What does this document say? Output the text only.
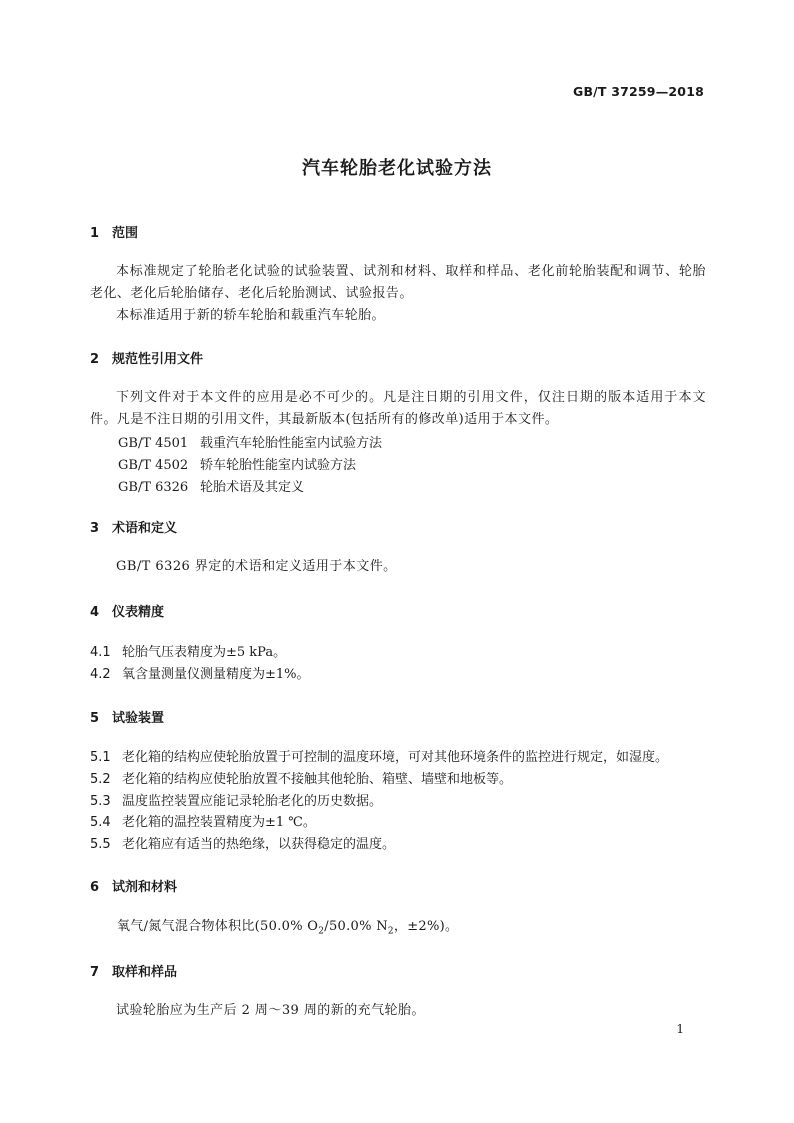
GB/T 37259—2018
汽车轮胎老化试验方法
1 范围
本标准规定了轮胎老化试验的试验装置、试剂和材料、取样和样品、老化前轮胎装配和调节、轮胎老化、老化后轮胎储存、老化后轮胎测试、试验报告。
本标准适用于新的轿车轮胎和载重汽车轮胎。
2 规范性引用文件
下列文件对于本文件的应用是必不可少的。凡是注日期的引用文件，仅注日期的版本适用于本文件。凡是不注日期的引用文件，其最新版本(包括所有的修改单)适用于本文件。
GB/T 4501 载重汽车轮胎性能室内试验方法
GB/T 4502 轿车轮胎性能室内试验方法
GB/T 6326 轮胎术语及其定义
3 术语和定义
GB/T 6326 界定的术语和定义适用于本文件。
4 仪表精度
4.1 轮胎气压表精度为±5 kPa。
4.2 氧含量测量仪测量精度为±1%。
5 试验装置
5.1 老化箱的结构应使轮胎放置于可控制的温度环境，可对其他环境条件的监控进行规定，如湿度。
5.2 老化箱的结构应使轮胎放置不接触其他轮胎、箱壁、墙壁和地板等。
5.3 温度监控装置应能记录轮胎老化的历史数据。
5.4 老化箱的温控装置精度为±1 ℃。
5.5 老化箱应有适当的热绝缘，以获得稳定的温度。
6 试剂和材料
氧气/氮气混合物体积比(50.0% $O_2/50.0\%$ $N_2$，±2%)。
7 取样和样品
试验轮胎应为生产后 2 周～39 周的新的充气轮胎。
1
